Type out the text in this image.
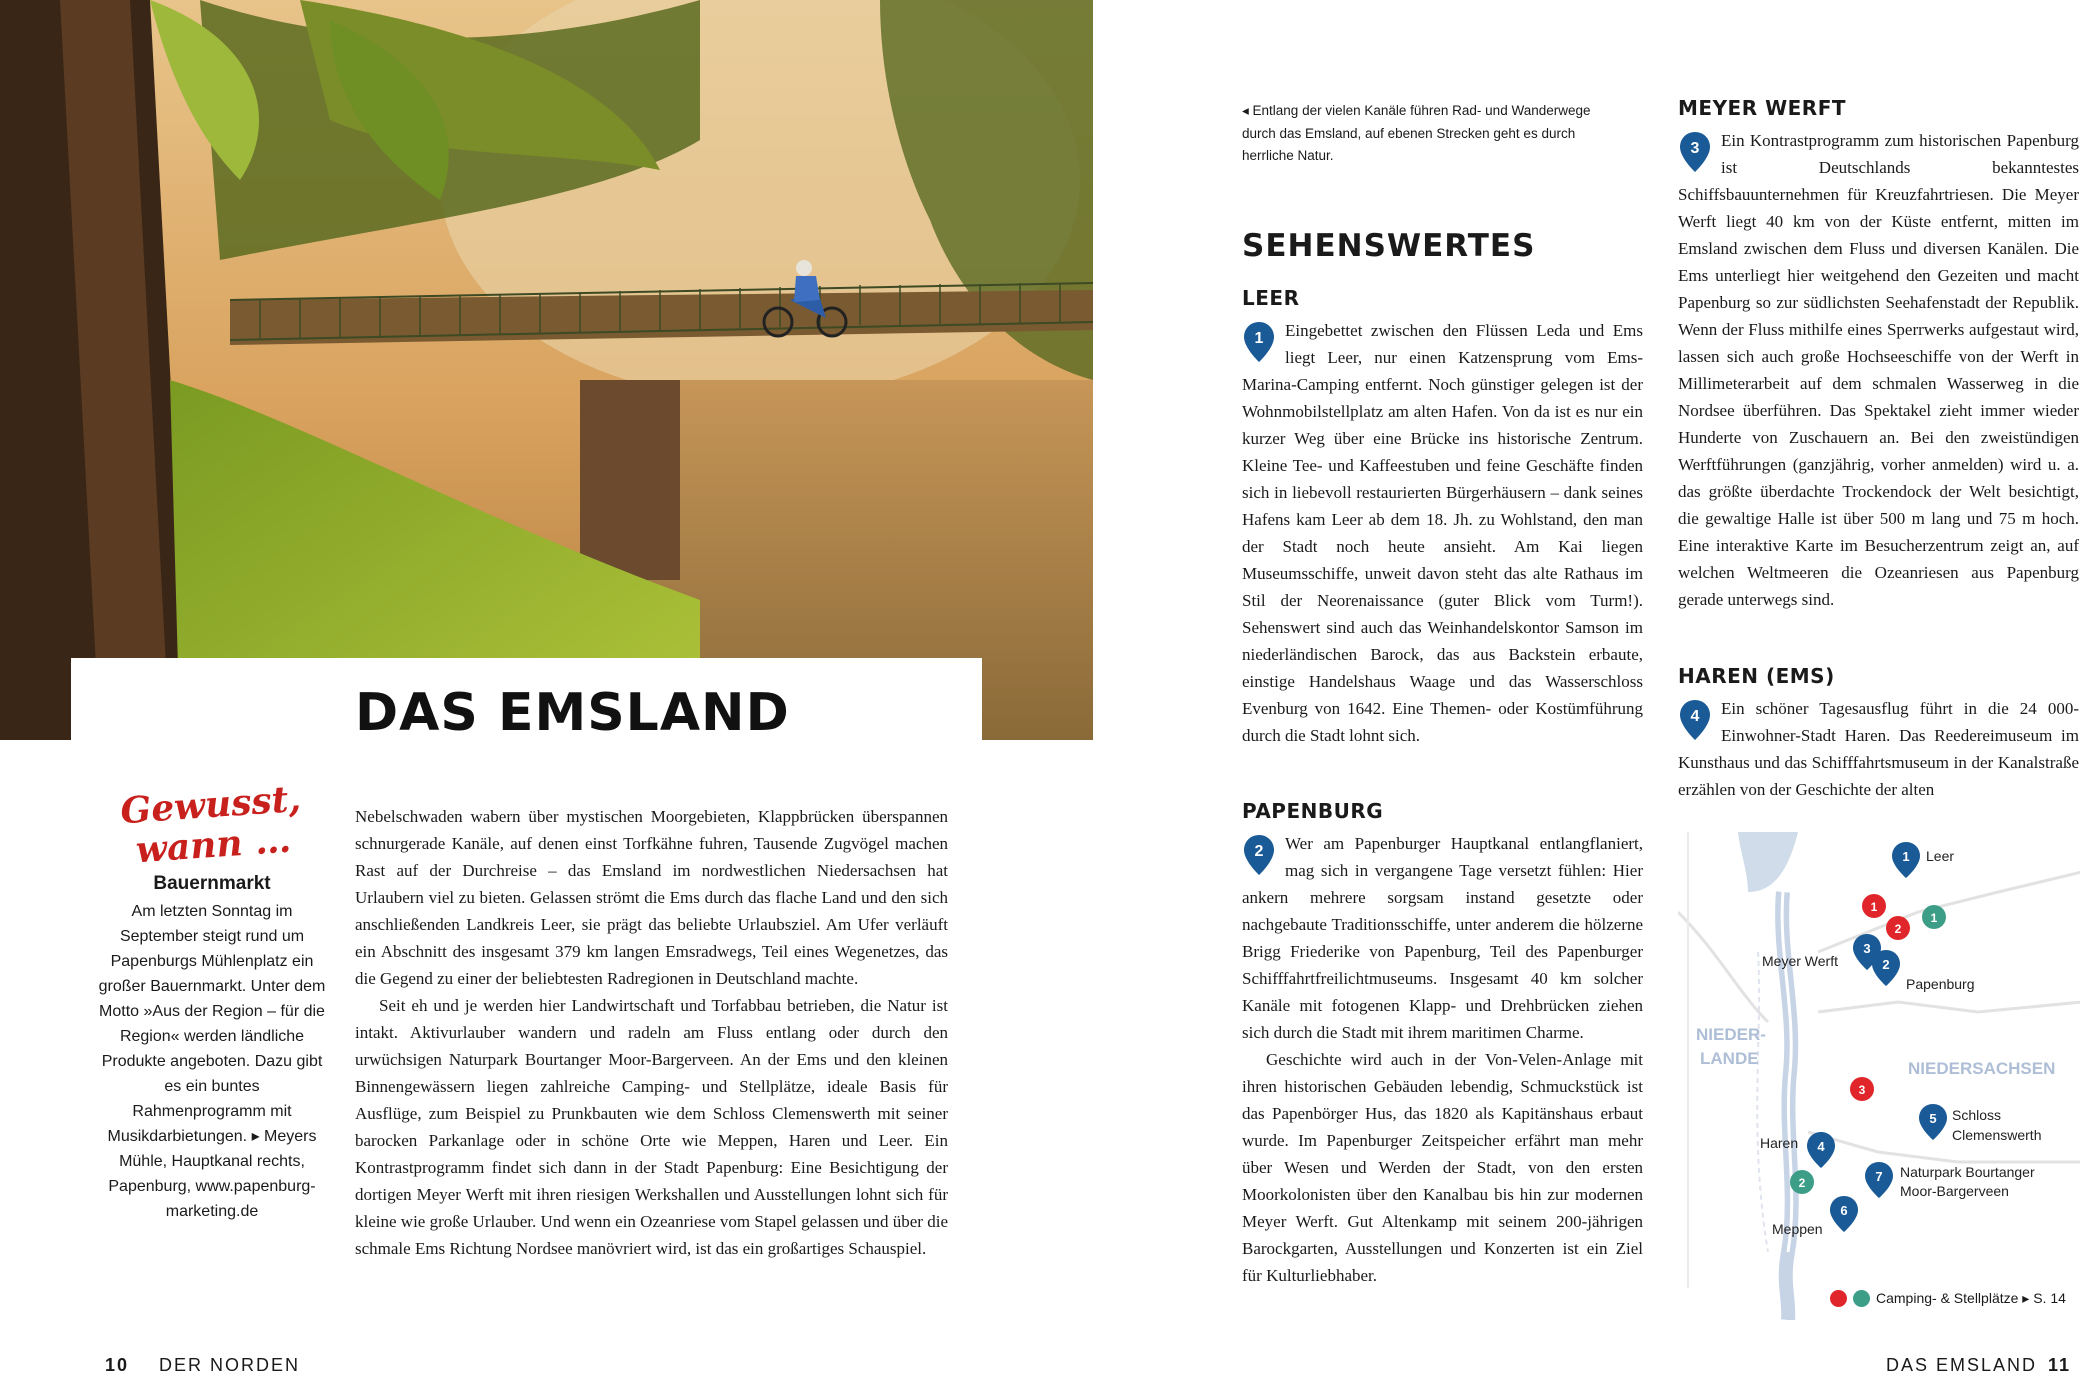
DAS EMSLAND
Gewusst,
wann …
Bauernmarkt

Am letzten Sonntag im September steigt rund um Papenburgs Mühlenplatz ein großer Bauernmarkt. Unter dem Motto »Aus der Region – für die Region« werden ländliche Produkte angeboten. Dazu gibt es ein buntes Rahmenprogramm mit Musikdarbietungen. ▸ Meyers Mühle, Hauptkanal rechts, Papenburg, www.papenburg-marketing.de

Nebelschwaden wabern über mystischen Moorgebieten, Klappbrücken überspannen schnurgerade Kanäle, auf denen einst Torfkähne fuhren, Tausende Zugvögel machen Rast auf der Durchreise – das Emsland im nordwestlichen Niedersachsen hat Urlaubern viel zu bieten. Gelassen strömt die Ems durch das flache Land und den sich anschließenden Landkreis Leer, sie prägt das beliebte Urlaubsziel. Am Ufer verläuft ein Abschnitt des insgesamt 379 km langen Emsradwegs, Teil eines Wegenetzes, das die Gegend zu einer der beliebtesten Radregionen in Deutschland machte.

Seit eh und je werden hier Landwirtschaft und Torfabbau betrieben, die Natur ist intakt. Aktivurlauber wandern und radeln am Fluss entlang oder durch den urwüchsigen Naturpark Bourtanger Moor-Bargerveen. An der Ems und den kleinen Binnengewässern liegen zahlreiche Camping- und Stellplätze, ideale Basis für Ausflüge, zum Beispiel zu Prunkbauten wie dem Schloss Clemenswerth mit seiner barocken Parkanlage oder in schöne Orte wie Meppen, Haren und Leer. Ein Kontrastprogramm findet sich dann in der Stadt Papenburg: Eine Besichtigung der dortigen Meyer Werft mit ihren riesigen Werkshallen und Ausstellungen lohnt sich für kleine wie große Urlauber. Und wenn ein Ozeanriese vom Stapel gelassen und über die schmale Ems Richtung Nordsee manövriert wird, ist das ein großartiges Schauspiel.

◂ Entlang der vielen Kanäle führen Rad- und Wanderwege durch das Emsland, auf ebenen Strecken geht es durch herrliche Natur.
SEHENSWERTES
LEER
1	Eingebettet zwischen den Flüssen Leda und Ems liegt Leer, nur einen Katzensprung vom Ems-Marina-Camping entfernt. Noch günstiger gelegen ist der Wohnmobilstellplatz am alten Hafen. Von da ist es nur ein kurzer Weg über eine Brücke ins historische Zentrum. Kleine Tee- und Kaffeestuben und feine Geschäfte finden sich in liebevoll restaurierten Bürgerhäusern – dank seines Hafens kam Leer ab dem 18. Jh. zu Wohlstand, den man der Stadt noch heute ansieht. Am Kai liegen Museumsschiffe, unweit davon steht das alte Rathaus im Stil der Neorenaissance (guter Blick vom Turm!). Sehenswert sind auch das Weinhandelskontor Samson im niederländischen Barock, das aus Backstein erbaute, einstige Handelshaus Waage und das Wasserschloss Evenburg von 1642. Eine Themen- oder Kostümführung durch die Stadt lohnt sich.

PAPENBURG
2	Wer am Papenburger Hauptkanal entlangflaniert, mag sich in vergangene Tage versetzt fühlen: Hier ankern mehrere sorgsam instand gesetzte oder nachgebaute Traditionsschiffe, unter anderem die hölzerne Brigg Friederike von Papenburg, Teil des Papenburger Schifffahrtfreilichtmuseums. Insgesamt 40 km solcher Kanäle mit fotogenen Klapp- und Drehbrücken ziehen sich durch die Stadt mit ihrem maritimen Charme.

Geschichte wird auch in der Von-Velen-Anlage mit ihren historischen Gebäuden lebendig, Schmuckstück ist das Papenbörger Hus, das 1820 als Kapitänshaus erbaut wurde. Im Papenburger Zeitspeicher erfährt man mehr über Wesen und Werden der Stadt, von den ersten Moorkolonisten über den Kanalbau bis hin zur modernen Meyer Werft. Gut Altenkamp mit seinem 200-jährigen Barockgarten, Ausstellungen und Konzerten ist ein Ziel für Kulturliebhaber.

MEYER WERFT
3	Ein Kontrastprogramm zum historischen Papenburg ist Deutschlands bekanntestes Schiffsbauunternehmen für Kreuzfahrtriesen. Die Meyer Werft liegt 40 km von der Küste entfernt, mitten im Emsland zwischen dem Fluss und diversen Kanälen. Die Ems unterliegt hier weitgehend den Gezeiten und macht Papenburg so zur südlichsten Seehafenstadt der Republik. Wenn der Fluss mithilfe eines Sperrwerks aufgestaut wird, lassen sich auch große Hochseeschiffe von der Werft in Millimeterarbeit auf dem schmalen Wasserweg in die Nordsee überführen. Das Spektakel zieht immer wieder Hunderte von Zuschauern an. Bei den zweistündigen Werftführungen (ganzjährig, vorher anmelden) wird u. a. das größte überdachte Trockendock der Welt besichtigt, die gewaltige Halle ist über 500 m lang und 75 m hoch. Eine interaktive Karte im Besucherzentrum zeigt an, auf welchen Weltmeeren die Ozeanriesen aus Papenburg gerade unterwegs sind.

HAREN (EMS)
4	Ein schöner Tagesausflug führt in die 24 000-Einwohner-Stadt Haren. Das Reedereimuseum im Kunsthaus und das Schifffahrtsmuseum in der Kanalstraße erzählen von der Geschichte der alten

NIEDER-
LANDE
NIEDERSACHSEN
1
2
1
3
2
1
3
2
5
4
7
6
Leer
Meyer Werft
Papenburg
Schloss
Clemenswerth
Haren
Naturpark Bourtanger
Moor-Bargerveen
Meppen
Camping- & Stellplätze ▸ S. 14
10 DER NORDEN	DAS EMSLAND 11
